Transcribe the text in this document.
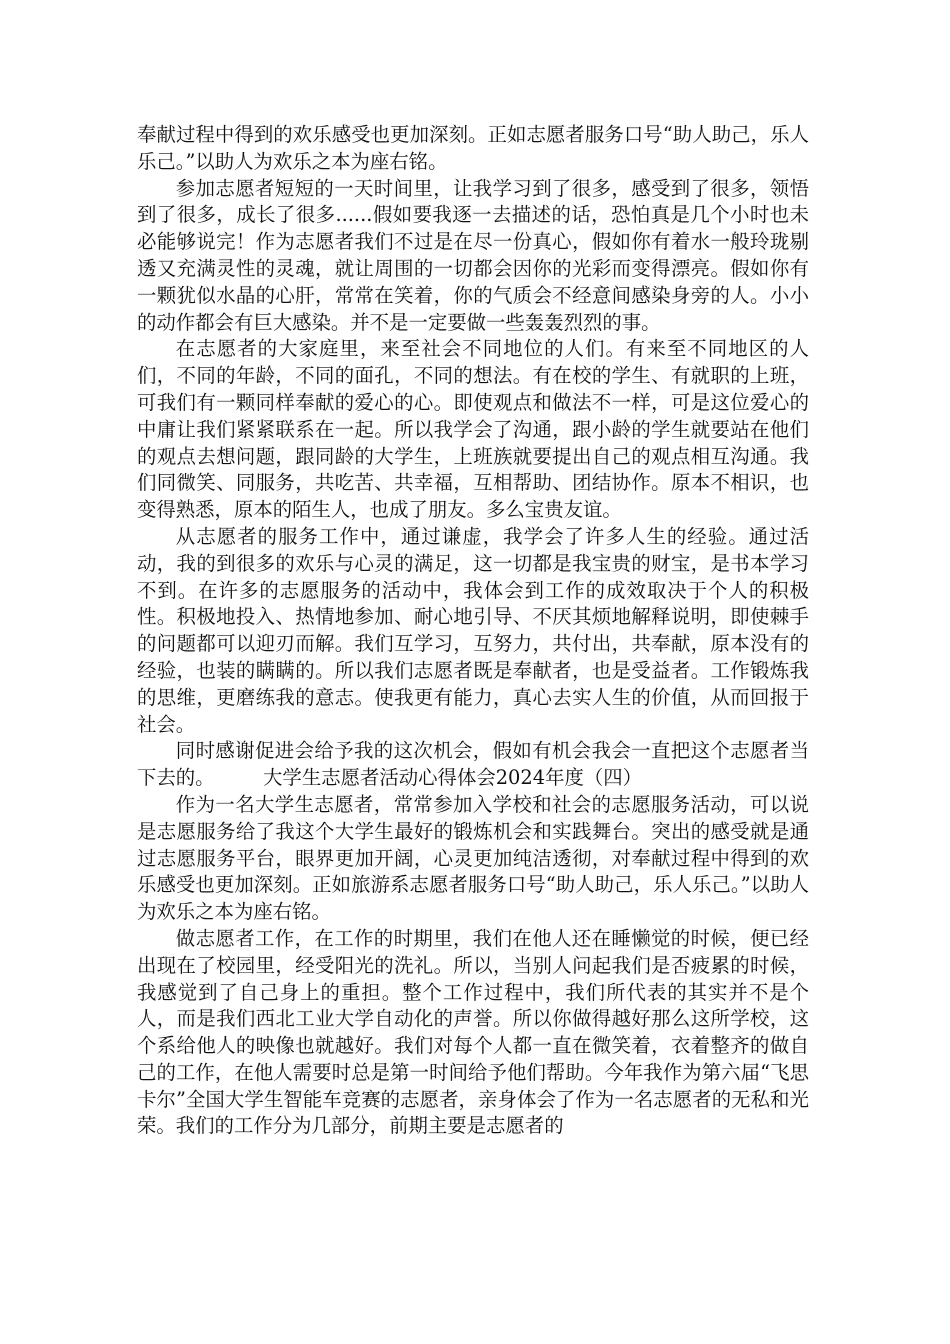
奉献过程中得到的欢乐感受也更加深刻。正如志愿者服务口号“助人助己，乐人乐己。”以助人为欢乐之本为座右铭。

参加志愿者短短的一天时间里，让我学习到了很多，感受到了很多，领悟到了很多，成长了很多......假如要我逐一去描述的话，恐怕真是几个小时也未必能够说完！作为志愿者我们不过是在尽一份真心，假如你有着水一般玲珑剔透又充满灵性的灵魂，就让周围的一切都会因你的光彩而变得漂亮。假如你有一颗犹似水晶的心肝，常常在笑着，你的气质会不经意间感染身旁的人。小小的动作都会有巨大感染。并不是一定要做一些轰轰烈烈的事。

在志愿者的大家庭里，来至社会不同地位的人们。有来至不同地区的人们，不同的年龄，不同的面孔，不同的想法。有在校的学生、有就职的上班，可我们有一颗同样奉献的爱心的心。即使观点和做法不一样，可是这位爱心的中庸让我们紧紧联系在一起。所以我学会了沟通，跟小龄的学生就要站在他们的观点去想问题，跟同龄的大学生，上班族就要提出自己的观点相互沟通。我们同微笑、同服务，共吃苦、共幸福，互相帮助、团结协作。原本不相识，也变得熟悉，原本的陌生人，也成了朋友。多么宝贵友谊。

从志愿者的服务工作中，通过谦虚，我学会了许多人生的经验。通过活动，我的到很多的欢乐与心灵的满足，这一切都是我宝贵的财宝，是书本学习不到。在许多的志愿服务的活动中，我体会到工作的成效取决于个人的积极性。积极地投入、热情地参加、耐心地引导、不厌其烦地解释说明，即使棘手的问题都可以迎刃而解。我们互学习，互努力，共付出，共奉献，原本没有的经验，也装的瞒瞒的。所以我们志愿者既是奉献者，也是受益者。工作锻炼我的思维，更磨练我的意志。使我更有能力，真心去实人生的价值，从而回报于社会。

同时感谢促进会给予我的这次机会，假如有机会我会一直把这个志愿者当下去的。　　　大学生志愿者活动心得体会2024年度（四）

作为一名大学生志愿者，常常参加入学校和社会的志愿服务活动，可以说是志愿服务给了我这个大学生最好的锻炼机会和实践舞台。突出的感受就是通过志愿服务平台，眼界更加开阔，心灵更加纯洁透彻，对奉献过程中得到的欢乐感受也更加深刻。正如旅游系志愿者服务口号“助人助己，乐人乐己。”以助人为欢乐之本为座右铭。

做志愿者工作，在工作的时期里，我们在他人还在睡懒觉的时候，便已经出现在了校园里，经受阳光的洗礼。所以，当别人问起我们是否疲累的时候，我感觉到了自己身上的重担。整个工作过程中，我们所代表的其实并不是个人，而是我们西北工业大学自动化的声誉。所以你做得越好那么这所学校，这个系给他人的映像也就越好。我们对每个人都一直在微笑着，衣着整齐的做自己的工作，在他人需要时总是第一时间给予他们帮助。今年我作为第六届“飞思卡尔”全国大学生智能车竞赛的志愿者，亲身体会了作为一名志愿者的无私和光荣。我们的工作分为几部分，前期主要是志愿者的
